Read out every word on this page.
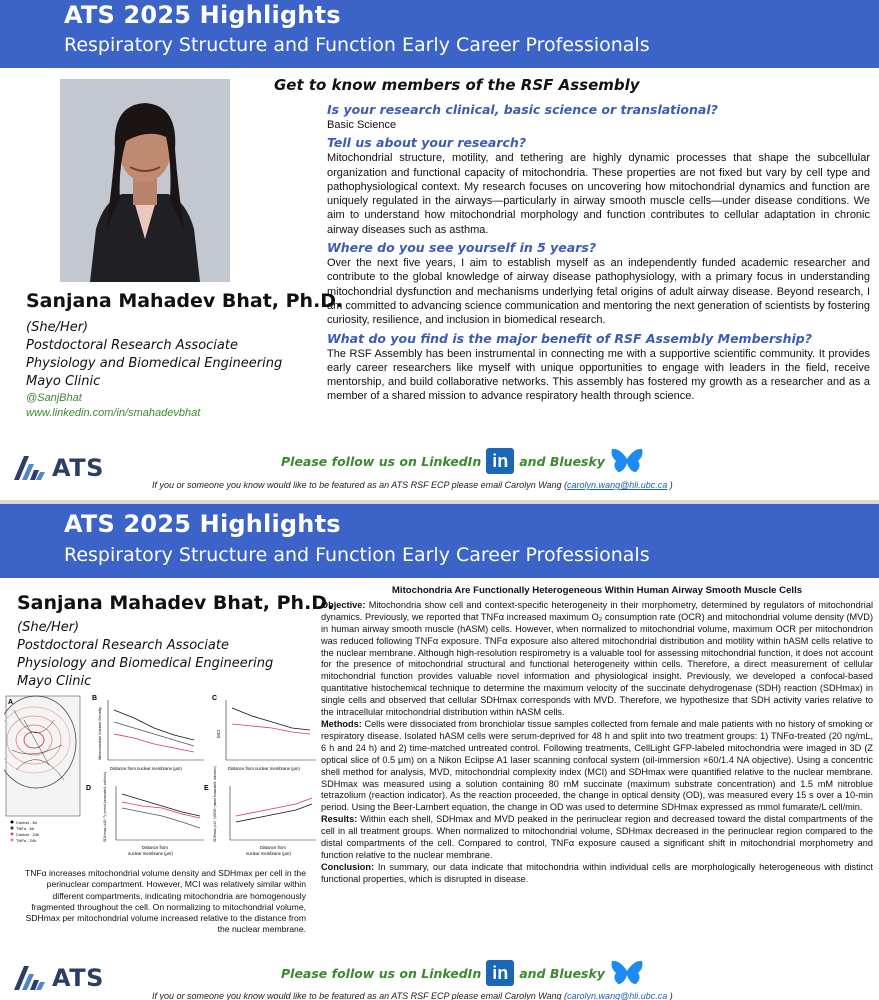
ATS 2025 Highlights
Respiratory Structure and Function Early Career Professionals
Get to know members of the RSF Assembly
Sanjana Mahadev Bhat, Ph.D.
(She/Her)
Postdoctoral Research Associate
Physiology and Biomedical Engineering
Mayo Clinic
@SanjBhat
www.linkedin.com/in/smahadevbhat
Is your research clinical, basic science or translational?
Basic Science
Tell us about your research?
Mitochondrial structure, motility, and tethering are highly dynamic processes that shape the subcellular organization and functional capacity of mitochondria. These properties are not fixed but vary by cell type and pathophysiological context. My research focuses on uncovering how mitochondrial dynamics and function are uniquely regulated in the airways—particularly in airway smooth muscle cells—under disease conditions. We aim to understand how mitochondrial morphology and function contributes to cellular adaptation in chronic airway diseases such as asthma.
Where do you see yourself in 5 years?
Over the next five years, I aim to establish myself as an independently funded academic researcher and contribute to the global knowledge of airway disease pathophysiology, with a primary focus in understanding mitochondrial dysfunction and mechanisms underlying fetal origins of adult airway disease. Beyond research, I am committed to advancing science communication and mentoring the next generation of scientists by fostering curiosity, resilience, and inclusion in biomedical research.
What do you find is the major benefit of RSF Assembly Membership?
The RSF Assembly has been instrumental in connecting me with a supportive scientific community. It provides early career researchers like myself with unique opportunities to engage with leaders in the field, receive mentorship, and build collaborative networks. This assembly has fostered my growth as a researcher and as a member of a shared mission to advance respiratory health through science.
ATS	Please follow us on LinkedIn in and Bluesky
If you or someone you know would like to be featured as an ATS RSF ECP please email Carolyn Wang (carolyn.wang@hli.ubc.ca )
ATS 2025 Highlights
Respiratory Structure and Function Early Career Professionals
Sanjana Mahadev Bhat, Ph.D.
(She/Her)
Postdoctoral Research Associate
Physiology and Biomedical Engineering
Mayo Clinic
A
Control - 6h
TNFα - 6h
Control - 24h
TNFα - 24h
B
Mitochondrial Volume Density
Distance from nuclear membrane (μm)
C
MCI
Distance from nuclear membrane (μm)
D	SDHmax (x10⁻³) (mmol fumarate/L cell/min)
Distance from
nuclear membrane (μm)
E SDHmax (x10⁻³)/MVD (mmol fumarate/L mito/min)
Distance from
nuclear membrane (μm)
TNFα increases mitochondrial volume density and SDHmax per cell in the perinuclear compartment. However, MCI was relatively similar within different compartments, indicating mitochondria are homogenously fragmented throughout the cell. On normalizing to mitochondrial volume, SDHmax per mitochondrial volume increased relative to the distance from the nuclear membrane.
Mitochondria Are Functionally Heterogeneous Within Human Airway Smooth Muscle Cells

Objective: Mitochondria show cell and context-specific heterogeneity in their morphometry, determined by regulators of mitochondrial dynamics. Previously, we reported that TNFα increased maximum O₂ consumption rate (OCR) and mitochondrial volume density (MVD) in human airway smooth muscle (hASM) cells. However, when normalized to mitochondrial volume, maximum OCR per mitochondrion was reduced following TNFα exposure. TNFα exposure also altered mitochondrial distribution and motility within hASM cells relative to the nuclear membrane. Although high-resolution respirometry is a valuable tool for assessing mitochondrial function, it does not account for the presence of mitochondrial structural and functional heterogeneity within cells. Therefore, a direct measurement of cellular mitochondrial function provides valuable novel information and physiological insight. Previously, we developed a confocal-based quantitative histochemical technique to determine the maximum velocity of the succinate dehydrogenase (SDH) reaction (SDHmax) in single cells and observed that cellular SDHmax corresponds with MVD. Therefore, we hypothesize that SDH activity varies relative to the intracellular mitochondrial distribution within hASM cells.

Methods: Cells were dissociated from bronchiolar tissue samples collected from female and male patients with no history of smoking or respiratory disease. Isolated hASM cells were serum-deprived for 48 h and split into two treatment groups: 1) TNFα-treated (20 ng/mL, 6 h and 24 h) and 2) time-matched untreated control. Following treatments, CellLight GFP-labeled mitochondria were imaged in 3D (Z optical slice of 0.5 μm) on a Nikon Eclipse A1 laser scanning confocal system (oil-immersion ×60/1.4 NA objective). Using a concentric shell method for analysis, MVD, mitochondrial complexity index (MCI) and SDHmax were quantified relative to the nuclear membrane. SDHmax was measured using a solution containing 80 mM succinate (maximum substrate concentration) and 1.5 mM nitroblue tetrazolium (reaction indicator). As the reaction proceeded, the change in optical density (OD), was measured every 15 s over a 10-min period. Using the Beer-Lambert equation, the change in OD was used to determine SDHmax expressed as mmol fumarate/L cell/min.

Results: Within each shell, SDHmax and MVD peaked in the perinuclear region and decreased toward the distal compartments of the cell in all treatment groups. When normalized to mitochondrial volume, SDHmax decreased in the perinuclear region compared to the distal compartments of the cell. Compared to control, TNFα exposure caused a significant shift in mitochondrial morphometry and function relative to the nuclear membrane.

Conclusion: In summary, our data indicate that mitochondria within individual cells are morphologically heterogeneous with distinct functional properties, which is disrupted in disease.

ATS	Please follow us on LinkedIn in and Bluesky
If you or someone you know would like to be featured as an ATS RSF ECP please email Carolyn Wang (carolyn.wang@hli.ubc.ca )
